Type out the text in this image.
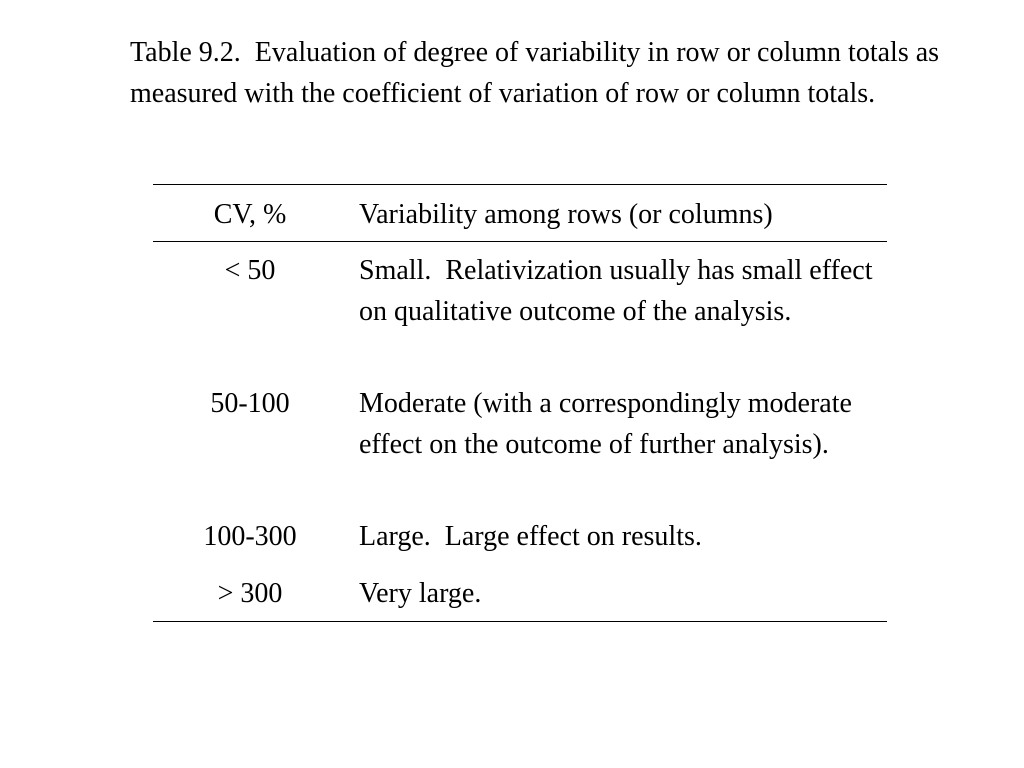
Table 9.2.  Evaluation of degree of variability in row or column totals as measured with the coefficient of variation of row or column totals.
CV, %	Variability among rows (or columns)
< 50	Small.  Relativization usually has small effect on qualitative outcome of the analysis.
50-100	Moderate (with a correspondingly moderate effect on the outcome of further analysis).
100-300	Large.  Large effect on results.
> 300	Very large.
